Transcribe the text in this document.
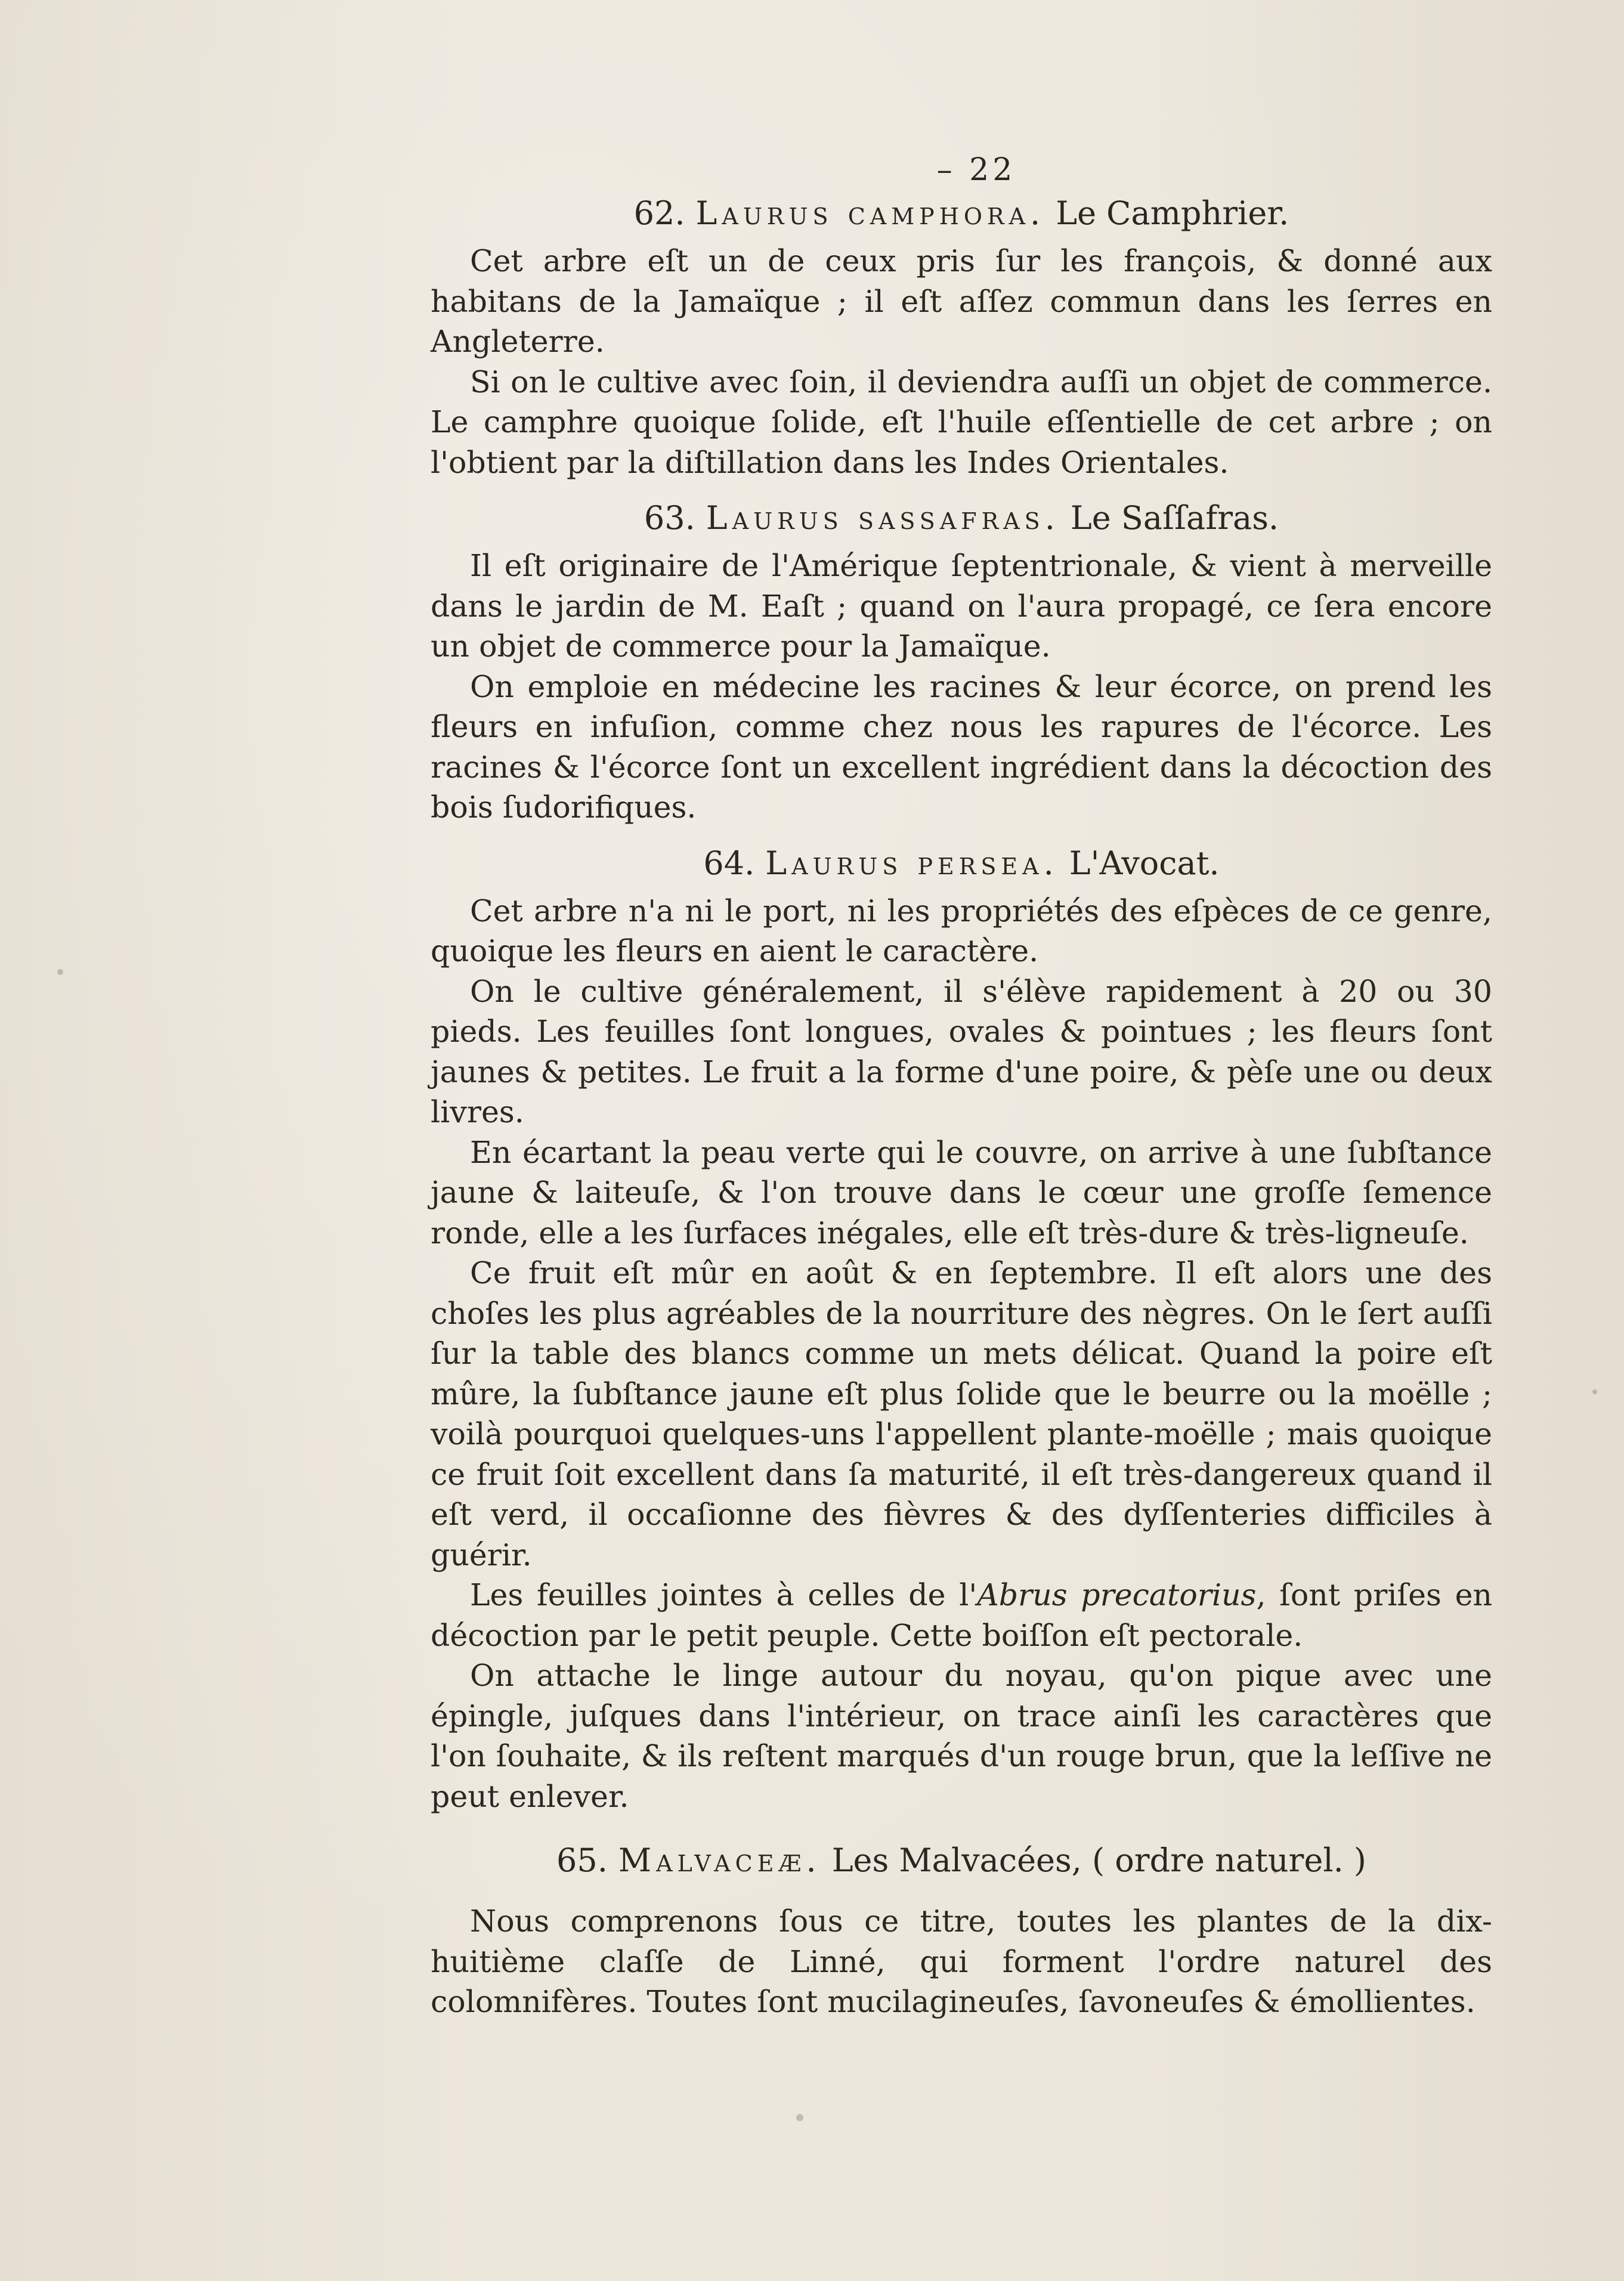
– 22
62. Laurus camphora. Le Camphrier.

Cet arbre eſt un de ceux pris ſur les françois, & donné aux habitans de la Jamaïque ; il eſt aſſez commun dans les ſerres en Angleterre.

Si on le cultive avec ſoin, il deviendra auſſi un objet de commerce. Le camphre quoique ſolide, eſt l'huile eſſentielle de cet arbre ; on l'obtient par la diſtillation dans les Indes Orientales.

63. Laurus sassafras. Le Saſſafras.

Il eſt originaire de l'Amérique ſeptentrionale, & vient à merveille dans le jardin de M. Eaſt ; quand on l'aura propagé, ce ſera encore un objet de commerce pour la Jamaïque.

On emploie en médecine les racines & leur écorce, on prend les fleurs en infuſion, comme chez nous les rapures de l'écorce. Les racines & l'écorce ſont un excellent ingrédient dans la décoction des bois ſudorifiques.

64. Laurus persea. L'Avocat.

Cet arbre n'a ni le port, ni les propriétés des eſpèces de ce genre, quoique les fleurs en aient le caractère.

On le cultive généralement, il s'élève rapidement à 20 ou 30 pieds. Les feuilles ſont longues, ovales & pointues ; les fleurs ſont jaunes & petites. Le fruit a la forme d'une poire, & pèſe une ou deux livres.

En écartant la peau verte qui le couvre, on arrive à une ſubſtance jaune & laiteuſe, & l'on trouve dans le cœur une groſſe ſemence ronde, elle a les ſurfaces inégales, elle eſt très-dure & très-ligneuſe.

Ce fruit eſt mûr en août & en ſeptembre. Il eſt alors une des choſes les plus agréables de la nourriture des nègres. On le ſert auſſi ſur la table des blancs comme un mets délicat. Quand la poire eſt mûre, la ſubſtance jaune eſt plus ſolide que le beurre ou la moëlle ; voilà pourquoi quelques-uns l'appellent plante-moëlle ; mais quoique ce fruit ſoit excellent dans ſa maturité, il eſt très-dangereux quand il eſt verd, il occaſionne des fièvres & des dyſſenteries difficiles à guérir.

Les feuilles jointes à celles de l'Abrus precatorius, ſont priſes en décoction par le petit peuple. Cette boiſſon eſt pectorale.

On attache le linge autour du noyau, qu'on pique avec une épingle, juſques dans l'intérieur, on trace ainſi les caractères que l'on ſouhaite, & ils reſtent marqués d'un rouge brun, que la leſſive ne peut enlever.

65. Malvaceæ. Les Malvacées, ( ordre naturel. )

Nous comprenons ſous ce titre, toutes les plantes de la dix-huitième claſſe de Linné, qui forment l'ordre naturel des colomnifères. Toutes ſont mucilagineuſes, ſavoneuſes & émollientes.
